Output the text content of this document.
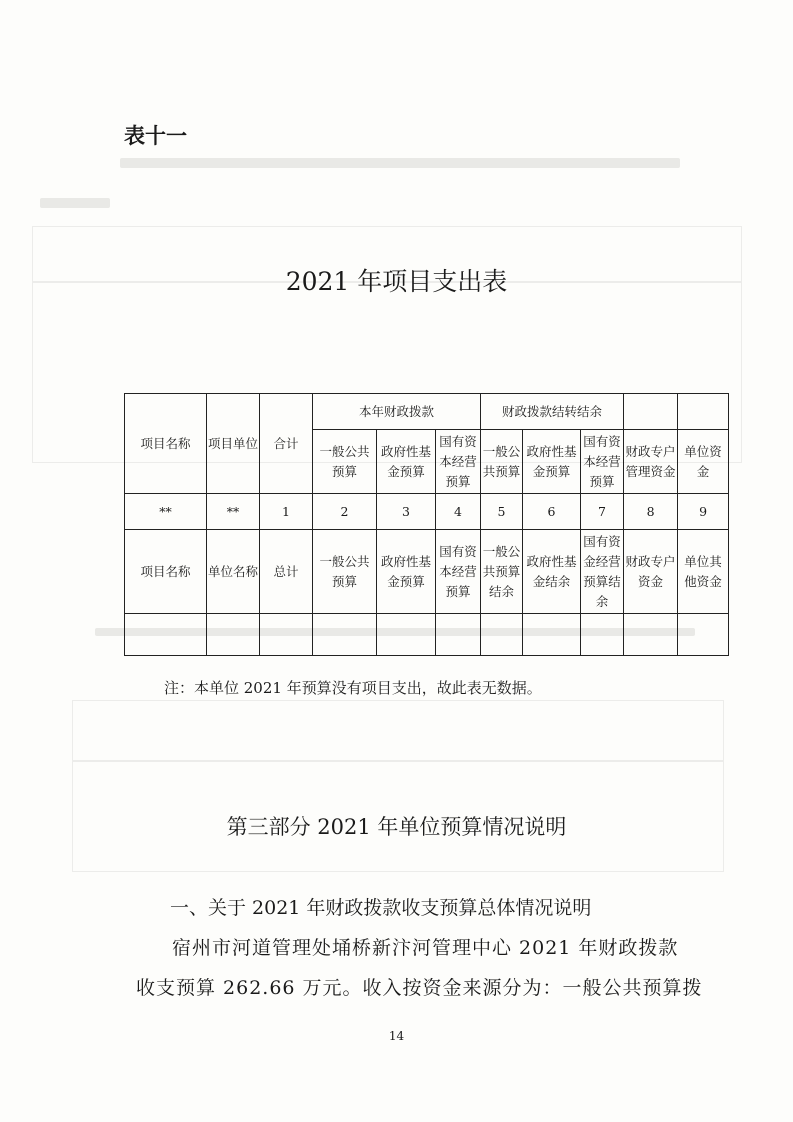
表十一
2021 年项目支出表
项目名称	项目单位	合计	本年财政拨款			财政拨款结转结余				
			一般公共预算	政府性基金预算	国有资本经营预算	一般公共预算	政府性基金预算	国有资本经营预算	财政专户管理资金	单位资金
**	**	1	2	3	4	5	6	7	8	9
项目名称	单位名称	总计	一般公共预算	政府性基金预算	国有资本经营预算	一般公共预算结余	政府性基金结余	国有资金经营预算结余	财政专户资金	单位其他资金

注：本单位 2021 年预算没有项目支出，故此表无数据。
第三部分 2021 年单位预算情况说明
一、关于 2021 年财政拨款收支预算总体情况说明
宿州市河道管理处埇桥新汴河管理中心 2021 年财政拨款
收支预算 262.66 万元。收入按资金来源分为：一般公共预算拨
14
